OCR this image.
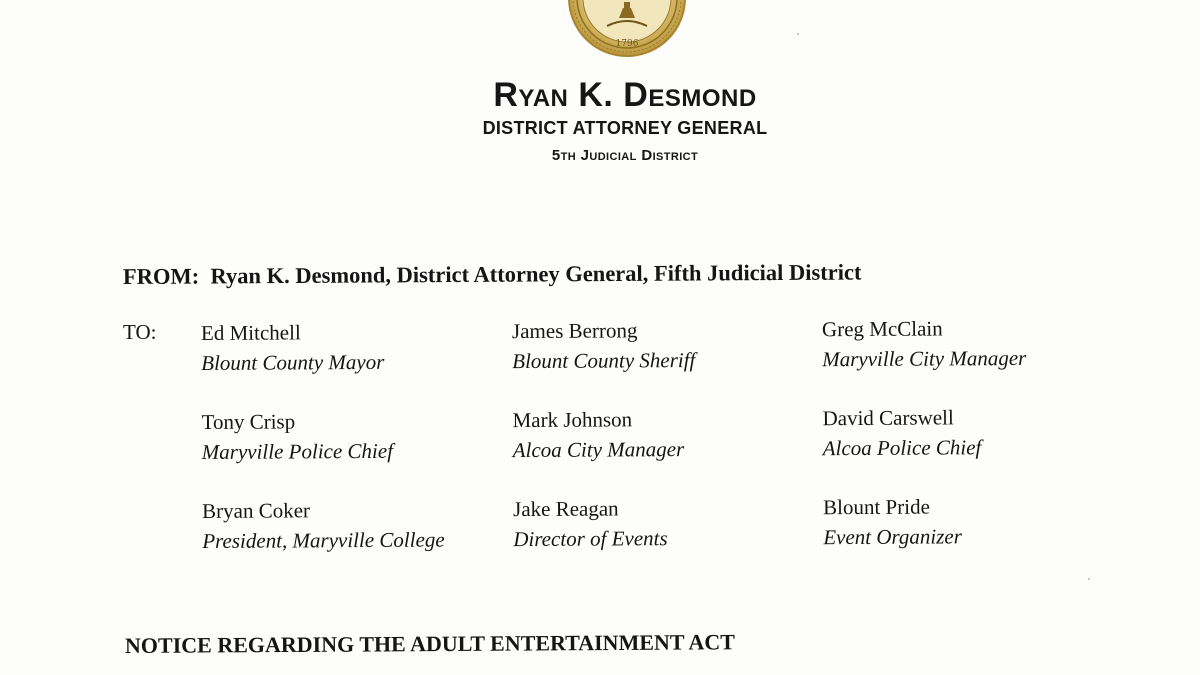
1796
Ryan K. Desmond
DISTRICT ATTORNEY GENERAL
5th Judicial District
FROM: Ryan K. Desmond, District Attorney General, Fifth Judicial District
TO: Ed Mitchell
Blount County Mayor
James Berrong
Blount County Sheriff
Greg McClain
Maryville City Manager
Tony Crisp
Maryville Police Chief
Mark Johnson
Alcoa City Manager
David Carswell
Alcoa Police Chief
Bryan Coker
President, Maryville College
Jake Reagan
Director of Events
Blount Pride
Event Organizer
NOTICE REGARDING THE ADULT ENTERTAINMENT ACT
